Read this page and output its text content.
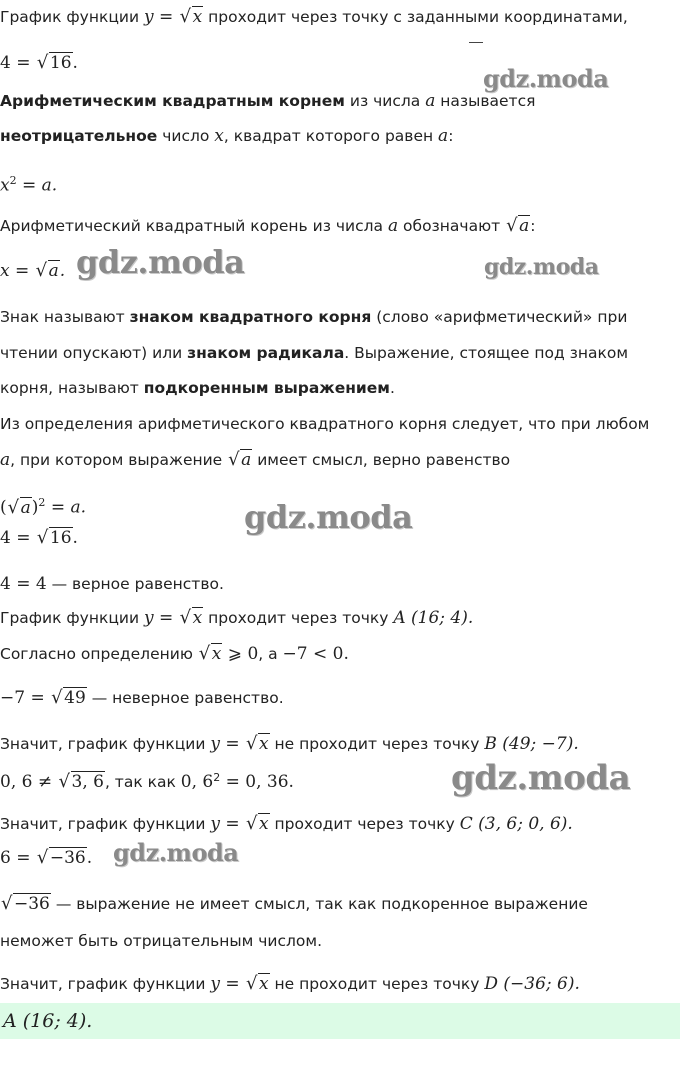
График функции y = √ x проходит через точку с заданными координатами,
4 = √ 16.
Арифметическим квадратным корнем из числа a называется
неотрицательное число x, квадрат которого равен a:
$x^2 = a$.
Арифметический квадратный корень из числа a обозначают √ a:
x = √ a.
Знак называют знаком квадратного корня (слово «арифметический» при
чтении опускают) или знаком радикала. Выражение, стоящее под знаком
корня, называют подкоренным выражением.
Из определения арифметического квадратного корня следует, что при любом
a, при котором выражение √ a имеет смысл, верно равенство
( √ a)$^2$ = a.
4 = √ 16.
4 = 4 — верное равенство.
График функции y = √ x проходит через точку A (16; 4).
Согласно определению √ x ⩾ 0, а −7 < 0.
−7 = √ 49 — неверное равенство.
Значит, график функции y = √ x не проходит через точку B (49; −7).
0, 6 ≠ √ 3, 6, так как 0, $6^2 = 0$, 36.
Значит, график функции y = √ x проходит через точку C (3, 6; 0, 6).
6 = √ −36.
√ −36 — выражение не имеет смысл, так как подкоренное выражение
неможет быть отрицательным числом.
Значит, график функции y = √ x не проходит через точку D (−36; 6).
A (16; 4).
gdz.moda
gdz.moda	gdz.moda
gdz.moda
gdz.moda
gdz.moda
